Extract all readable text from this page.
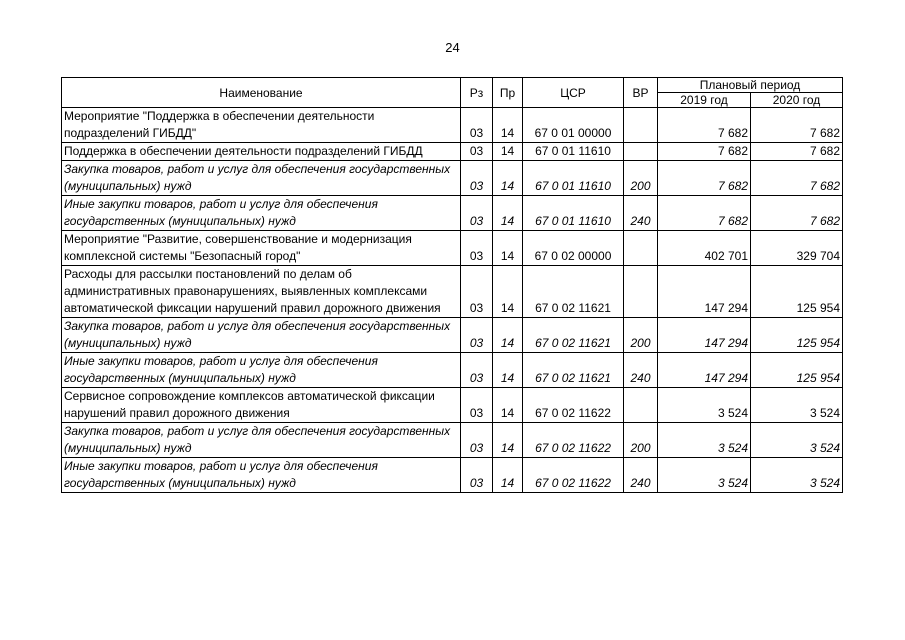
24
Наименование	Рз	Пр	ЦСР	ВР	Плановый период	
					2019 год	2020 год
Мероприятие "Поддержка в обеспечении деятельности подразделений ГИБДД"	03	14	67 0 01 00000		7 682	7 682
Поддержка в обеспечении деятельности подразделений ГИБДД	03	14	67 0 01 11610		7 682	7 682
Закупка товаров, работ и услуг для обеспечения государственных (муниципальных) нужд	03	14	67 0 01 11610	200	7 682	7 682
Иные закупки товаров, работ и услуг для обеспечения государственных (муниципальных) нужд	03	14	67 0 01 11610	240	7 682	7 682
Мероприятие "Развитие, совершенствование и модернизация комплексной системы "Безопасный город"	03	14	67 0 02 00000		402 701	329 704
Расходы для рассылки постановлений по делам об административных правонарушениях, выявленных комплексами автоматической фиксации нарушений правил дорожного движения	03	14	67 0 02 11621		147 294	125 954
Закупка товаров, работ и услуг для обеспечения государственных (муниципальных) нужд	03	14	67 0 02 11621	200	147 294	125 954
Иные закупки товаров, работ и услуг для обеспечения государственных (муниципальных) нужд	03	14	67 0 02 11621	240	147 294	125 954
Сервисное сопровождение комплексов автоматической фиксации нарушений правил дорожного движения	03	14	67 0 02 11622		3 524	3 524
Закупка товаров, работ и услуг для обеспечения государственных (муниципальных) нужд	03	14	67 0 02 11622	200	3 524	3 524
Иные закупки товаров, работ и услуг для обеспечения государственных (муниципальных) нужд	03	14	67 0 02 11622	240	3 524	3 524
